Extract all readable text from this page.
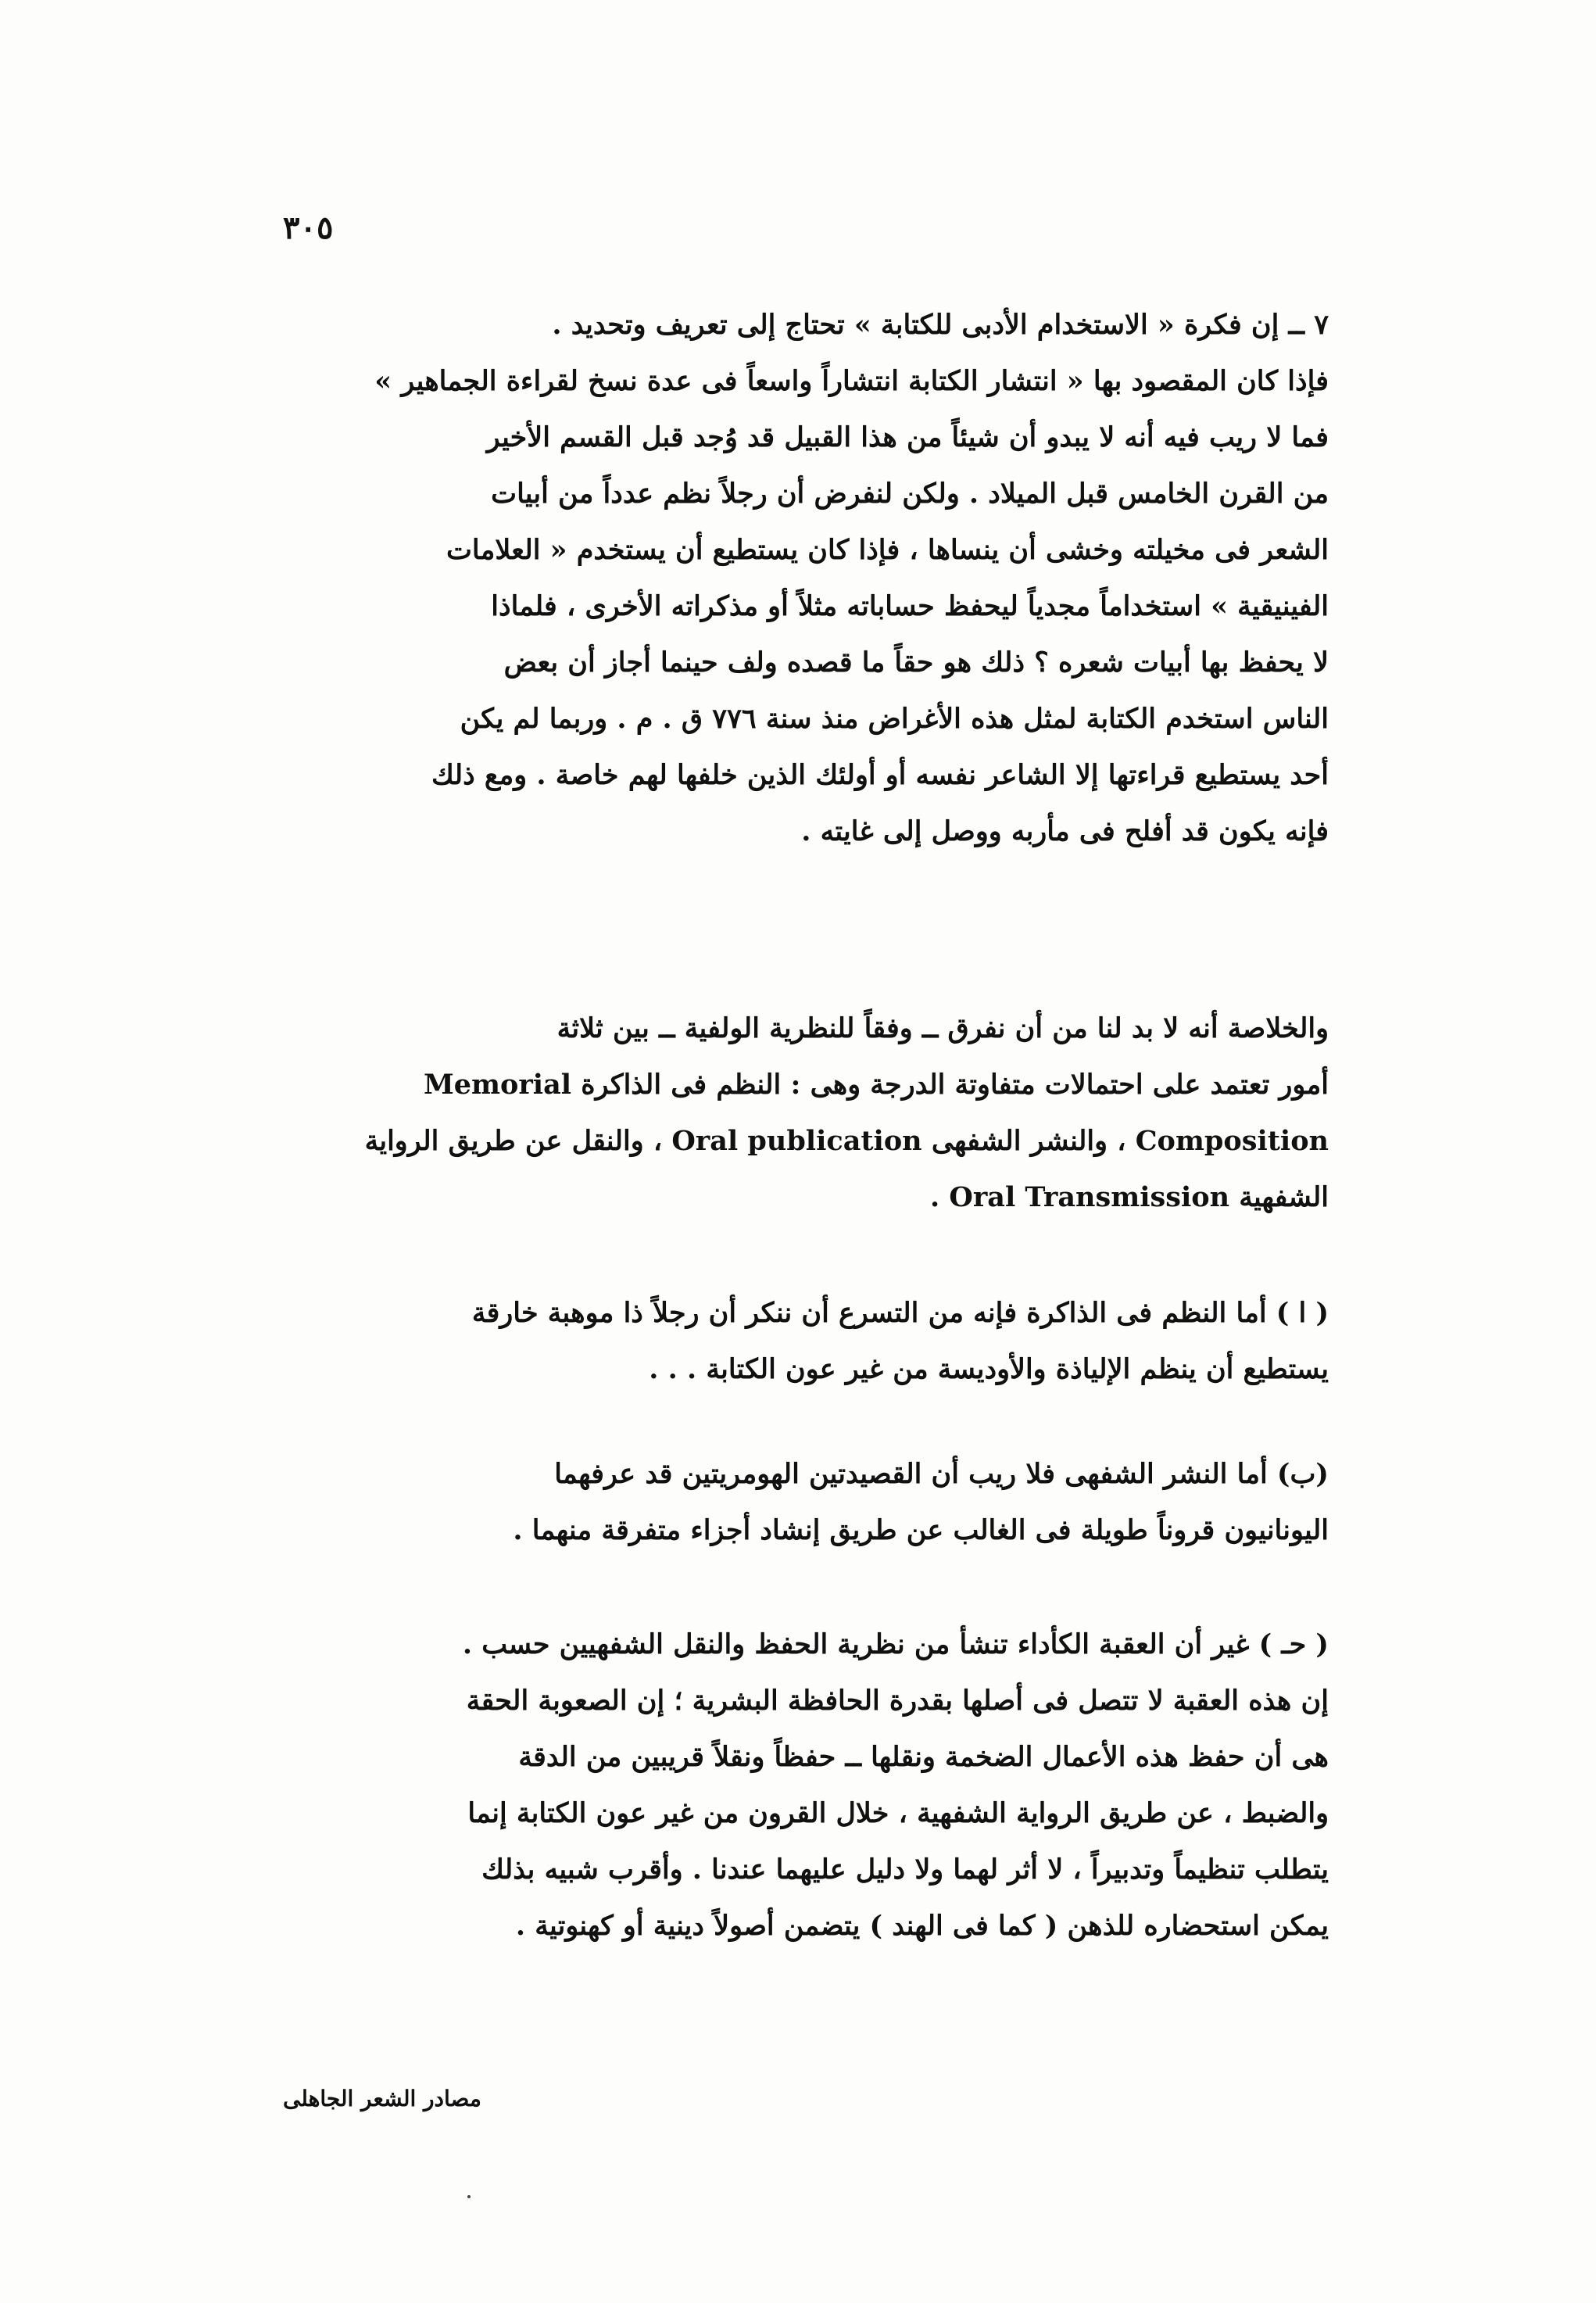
٣٠٥

٧ ــ إن فكرة « الاستخدام الأدبى للكتابة » تحتاج إلى تعريف وتحديد .
فإذا كان المقصود بها « انتشار الكتابة انتشاراً واسعاً فى عدة نسخ لقراءة الجماهير »
فما لا ريب فيه أنه لا يبدو أن شيئاً من هذا القبيل قد وُجد قبل القسم الأخير
من القرن الخامس قبل الميلاد . ولكن لنفرض أن رجلاً نظم عدداً من أبيات
الشعر فى مخيلته وخشى أن ينساها ، فإذا كان يستطيع أن يستخدم « العلامات
الفينيقية » استخداماً مجدياً ليحفظ حساباته مثلاً أو مذكراته الأخرى ، فلماذا
لا يحفظ بها أبيات شعره ؟ ذلك هو حقاً ما قصده ولف حينما أجاز أن بعض
الناس استخدم الكتابة لمثل هذه الأغراض منذ سنة ٧٧٦ ق . م . وربما لم يكن
أحد يستطيع قراءتها إلا الشاعر نفسه أو أولئك الذين خلفها لهم خاصة . ومع ذلك
فإنه يكون قد أفلح فى مأربه ووصل إلى غايته .

والخلاصة أنه لا بد لنا من أن نفرق ــ وفقاً للنظرية الولفية ــ بين ثلاثة
أمور تعتمد على احتمالات متفاوتة الدرجة وهى : النظم فى الذاكرة Memorial
Composition ، والنشر الشفهى Oral publication ، والنقل عن طريق الرواية
الشفهية Oral Transmission .

( ا ) أما النظم فى الذاكرة فإنه من التسرع أن ننكر أن رجلاً ذا موهبة خارقة
يستطيع أن ينظم الإلياذة والأوديسة من غير عون الكتابة . . .

(ب) أما النشر الشفهى فلا ريب أن القصيدتين الهومريتين قد عرفهما
اليونانيون قروناً طويلة فى الغالب عن طريق إنشاد أجزاء متفرقة منهما .

( حـ ) غير أن العقبة الكأداء تنشأ من نظرية الحفظ والنقل الشفهيين حسب .
إن هذه العقبة لا تتصل فى أصلها بقدرة الحافظة البشرية ؛ إن الصعوبة الحقة
هى أن حفظ هذه الأعمال الضخمة ونقلها ــ حفظاً ونقلاً قريبين من الدقة
والضبط ، عن طريق الرواية الشفهية ، خلال القرون من غير عون الكتابة إنما
يتطلب تنظيماً وتدبيراً ، لا أثر لهما ولا دليل عليهما عندنا . وأقرب شبيه بذلك
يمكن استحضاره للذهن ( كما فى الهند ) يتضمن أصولاً دينية أو كهنوتية .

مصادر الشعر الجاهلى
